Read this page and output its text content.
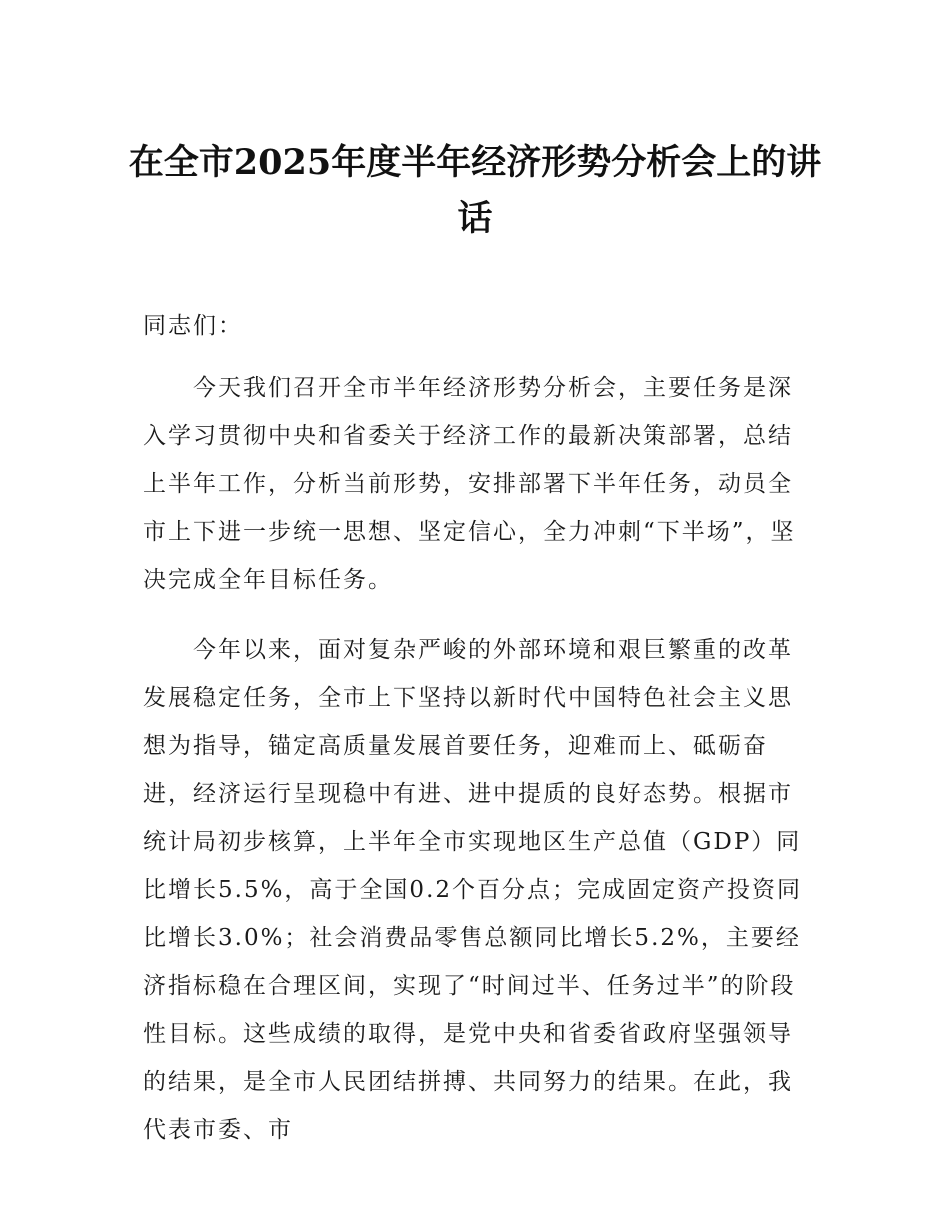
在全市2025年度半年经济形势分析会上的讲话

同志们：

今天我们召开全市半年经济形势分析会，主要任务是深入学习贯彻中央和省委关于经济工作的最新决策部署，总结上半年工作，分析当前形势，安排部署下半年任务，动员全市上下进一步统一思想、坚定信心，全力冲刺“下半场”，坚决完成全年目标任务。

今年以来，面对复杂严峻的外部环境和艰巨繁重的改革发展稳定任务，全市上下坚持以新时代中国特色社会主义思想为指导，锚定高质量发展首要任务，迎难而上、砥砺奋进，经济运行呈现稳中有进、进中提质的良好态势。根据市统计局初步核算，上半年全市实现地区生产总值（GDP）同比增长5.5%，高于全国0.2个百分点；完成固定资产投资同比增长3.0%；社会消费品零售总额同比增长5.2%，主要经济指标稳在合理区间，实现了“时间过半、任务过半”的阶段性目标。这些成绩的取得，是党中央和省委省政府坚强领导的结果，是全市人民团结拼搏、共同努力的结果。在此，我代表市委、市
